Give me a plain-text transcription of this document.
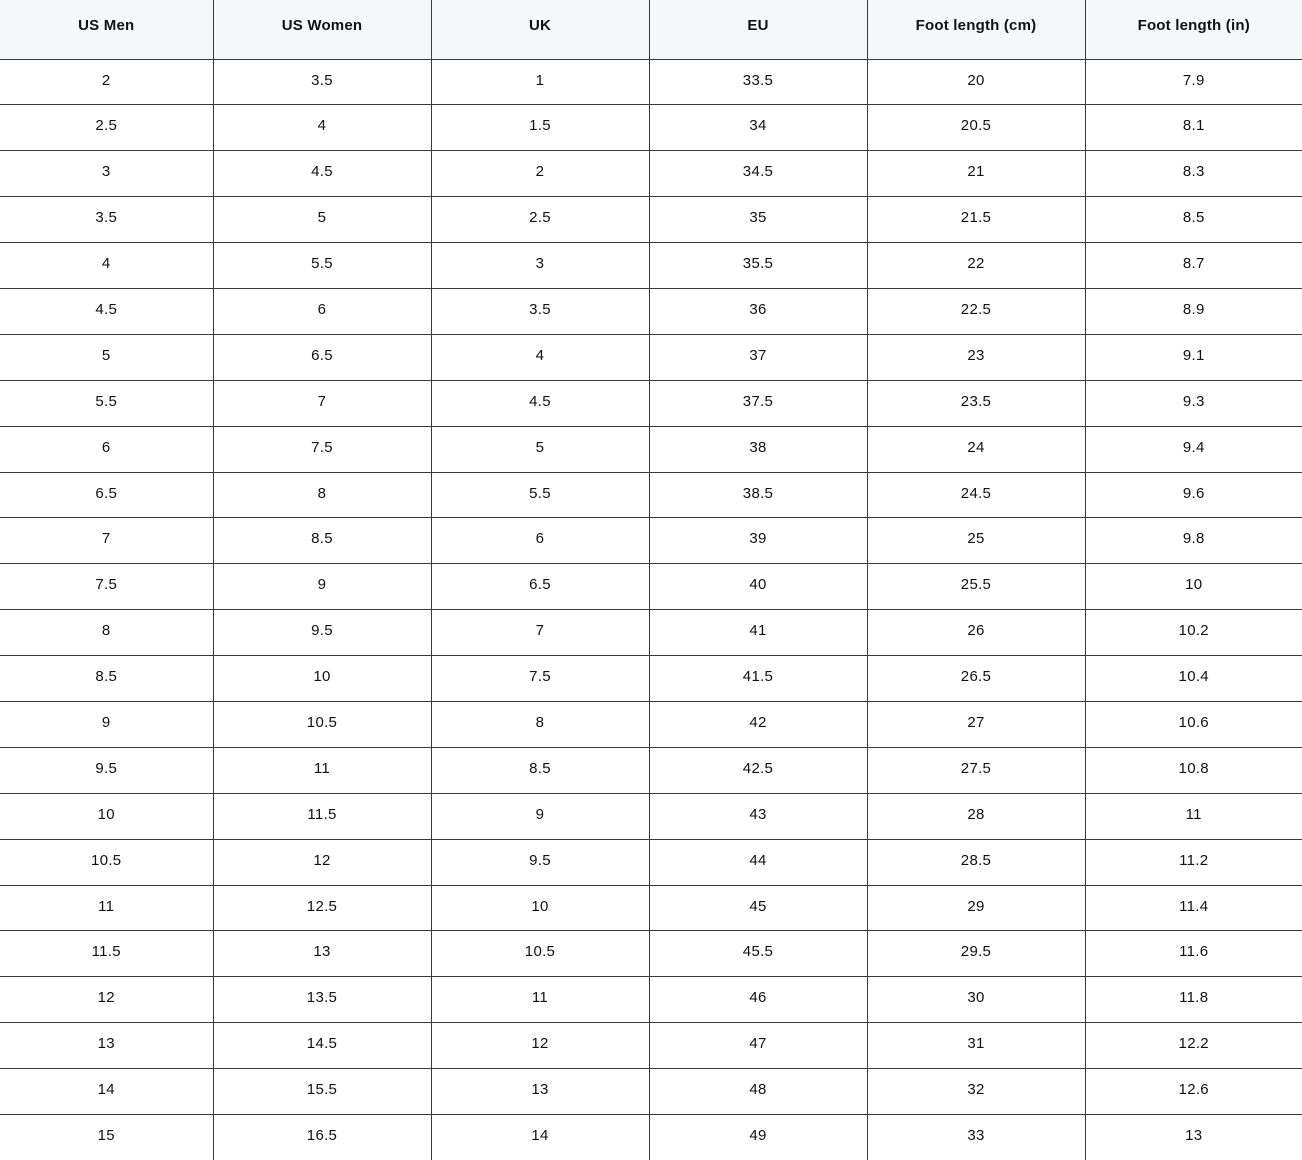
US Men	US Women	UK	EU	Foot length (cm)	Foot length (in)
2	3.5	1	33.5	20	7.9
2.5	4	1.5	34	20.5	8.1
3	4.5	2	34.5	21	8.3
3.5	5	2.5	35	21.5	8.5
4	5.5	3	35.5	22	8.7
4.5	6	3.5	36	22.5	8.9
5	6.5	4	37	23	9.1
5.5	7	4.5	37.5	23.5	9.3
6	7.5	5	38	24	9.4
6.5	8	5.5	38.5	24.5	9.6
7	8.5	6	39	25	9.8
7.5	9	6.5	40	25.5	10
8	9.5	7	41	26	10.2
8.5	10	7.5	41.5	26.5	10.4
9	10.5	8	42	27	10.6
9.5	11	8.5	42.5	27.5	10.8
10	11.5	9	43	28	11
10.5	12	9.5	44	28.5	11.2
11	12.5	10	45	29	11.4
11.5	13	10.5	45.5	29.5	11.6
12	13.5	11	46	30	11.8
13	14.5	12	47	31	12.2
14	15.5	13	48	32	12.6
15	16.5	14	49	33	13
